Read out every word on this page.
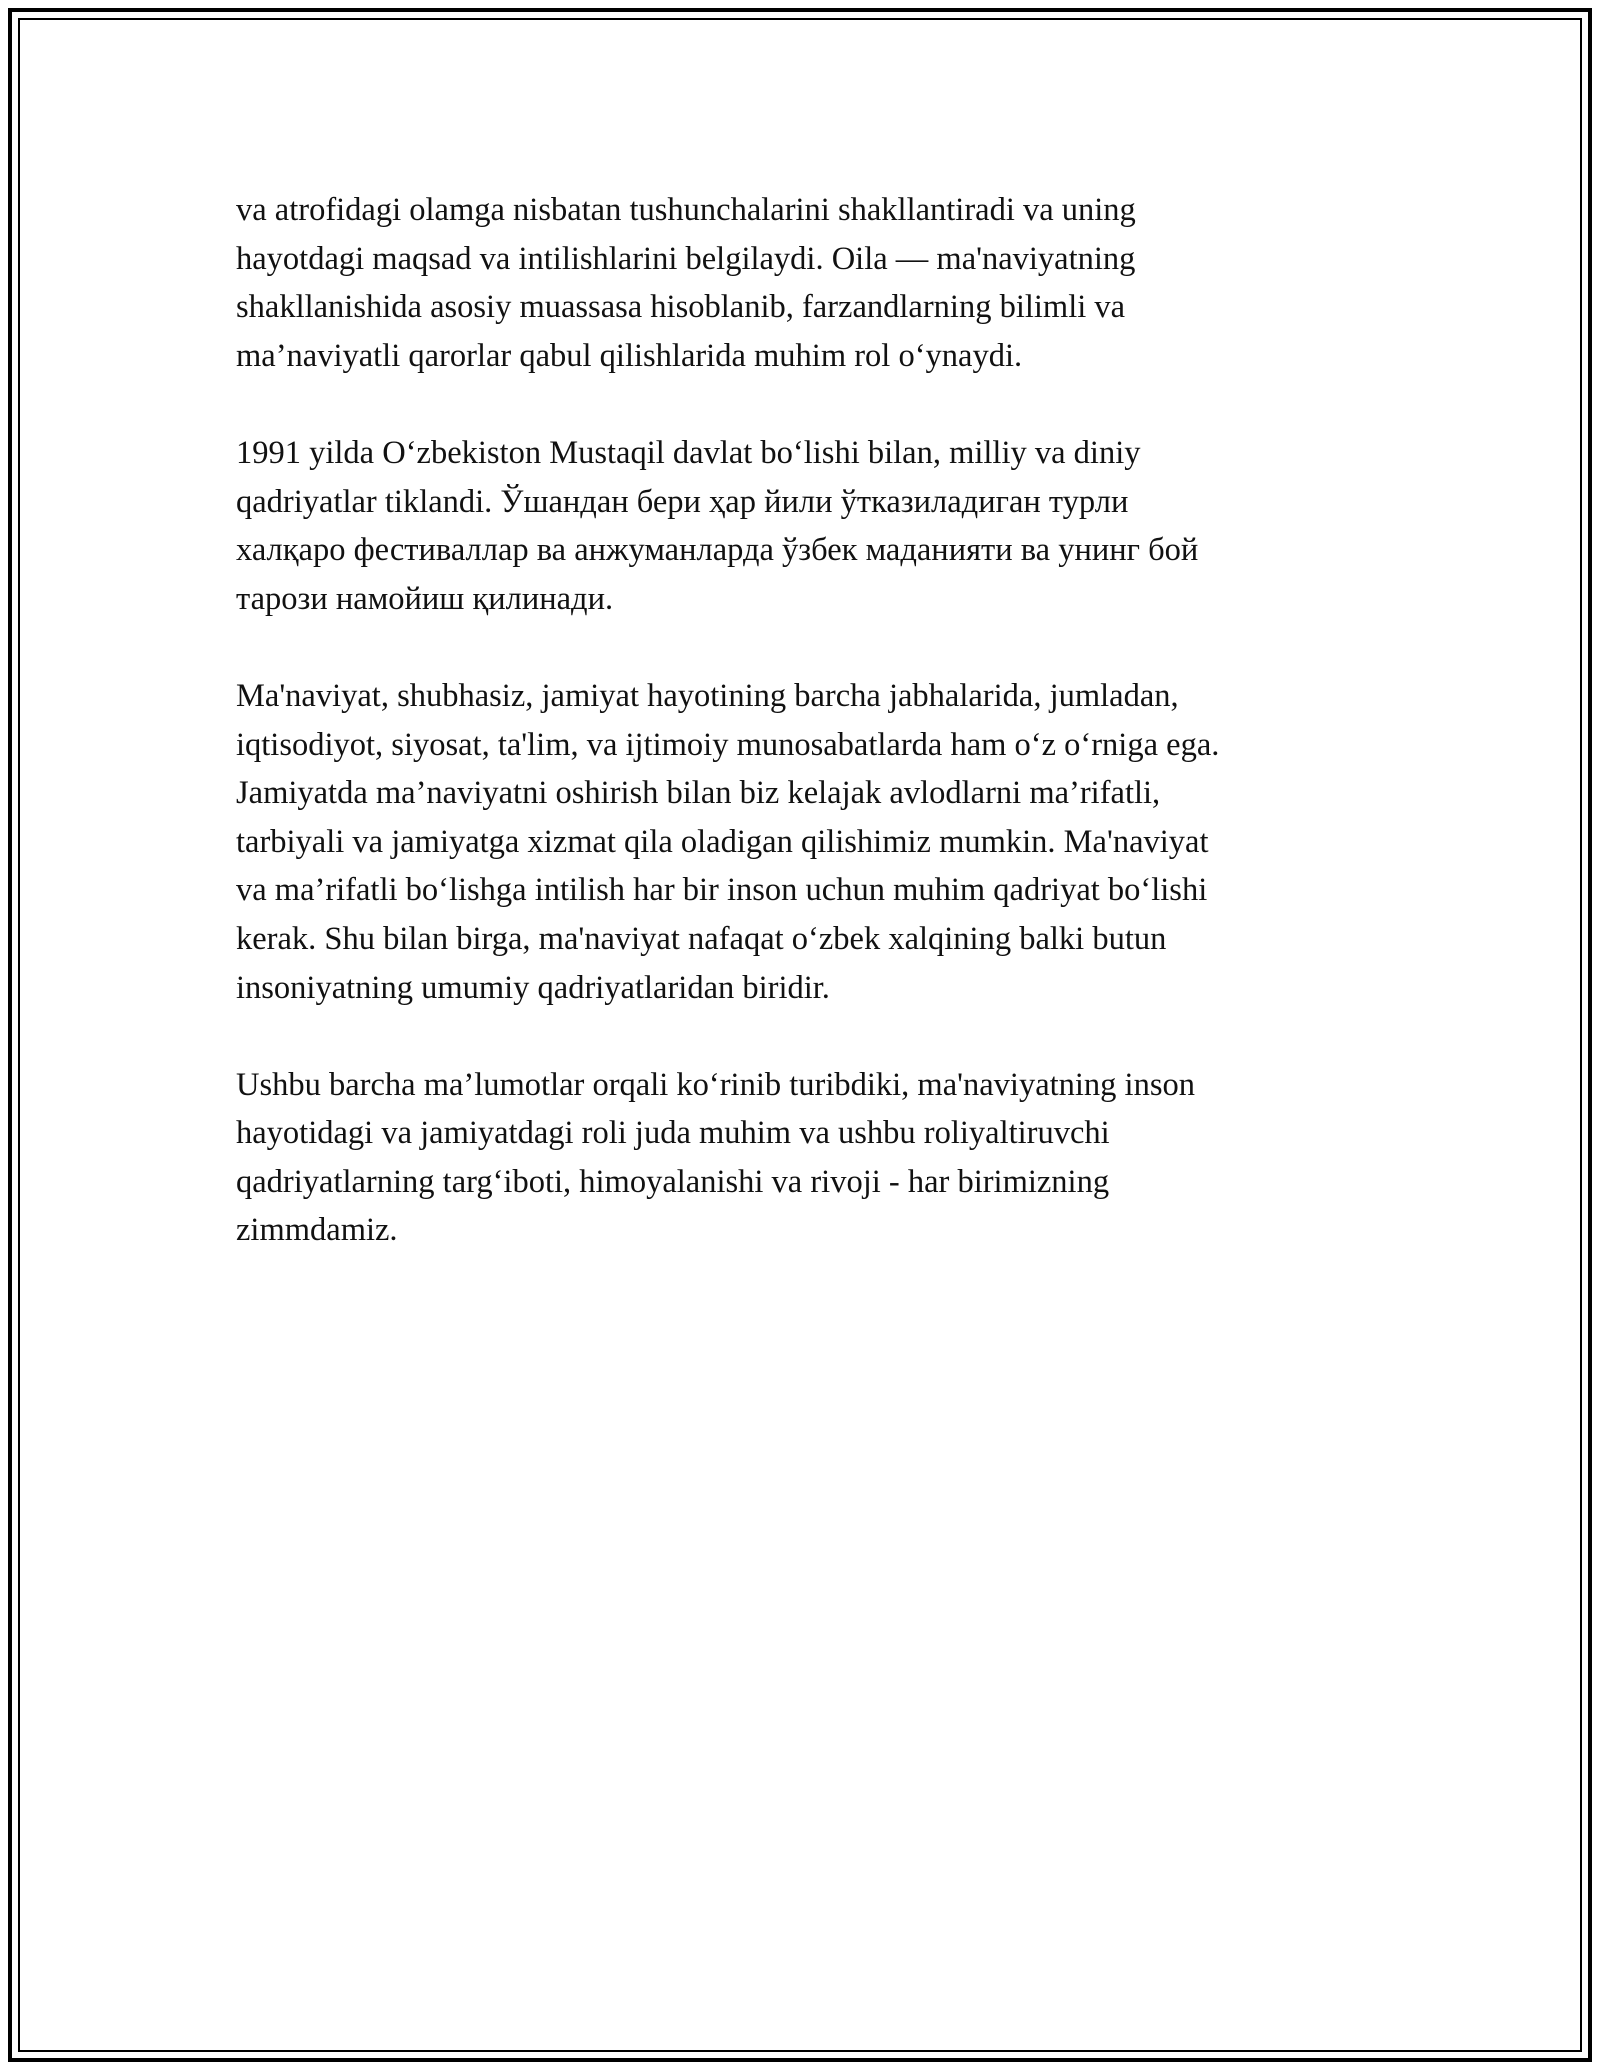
va atrofidagi olamga nisbatan tushunchalarini shakllantiradi va uning
hayotdagi maqsad va intilishlarini belgilaydi. Oila — ma'naviyatning
shakllanishida asosiy muassasa hisoblanib, farzandlarning bilimli va
ma’naviyatli qarorlar qabul qilishlarida muhim rol o‘ynaydi.

1991 yilda O‘zbekiston Mustaqil davlat bo‘lishi bilan, milliy va diniy
qadriyatlar tiklandi. Ўшандан бери ҳар йили ўтказиладиган турли
халқаро фестиваллар ва анжуманларда ўзбек маданияти ва унинг бой
тарози намойиш қилинади.

Ma'naviyat, shubhasiz, jamiyat hayotining barcha jabhalarida, jumladan,
iqtisodiyot, siyosat, ta'lim, va ijtimoiy munosabatlarda ham o‘z o‘rniga ega.
Jamiyatda ma’naviyatni oshirish bilan biz kelajak avlodlarni ma’rifatli,
tarbiyali va jamiyatga xizmat qila oladigan qilishimiz mumkin. Ma'naviyat
va ma’rifatli bo‘lishga intilish har bir inson uchun muhim qadriyat bo‘lishi
kerak. Shu bilan birga, ma'naviyat nafaqat o‘zbek xalqining balki butun
insoniyatning umumiy qadriyatlaridan biridir.

Ushbu barcha ma’lumotlar orqali ko‘rinib turibdiki, ma'naviyatning inson
hayotidagi va jamiyatdagi roli juda muhim va ushbu roliyaltiruvchi
qadriyatlarning targ‘iboti, himoyalanishi va rivoji - har birimizning
zimmdamiz.
